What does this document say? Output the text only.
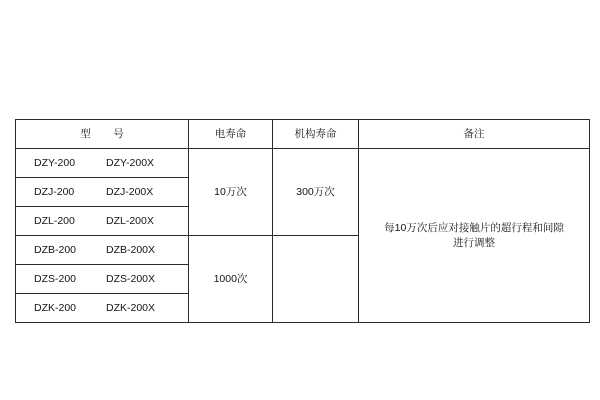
型　号	电寿命	机构寿命	备注

DZY-200 DZY-200X	10万次	300万次	每10万次后应对接触片的超行程和间隙
进行调整

DZJ-200 DZJ-200X			

DZL-200 DZL-200X			

DZB-200 DZB-200X	1000次		

DZS-200 DZS-200X			

DZK-200 DZK-200X			
